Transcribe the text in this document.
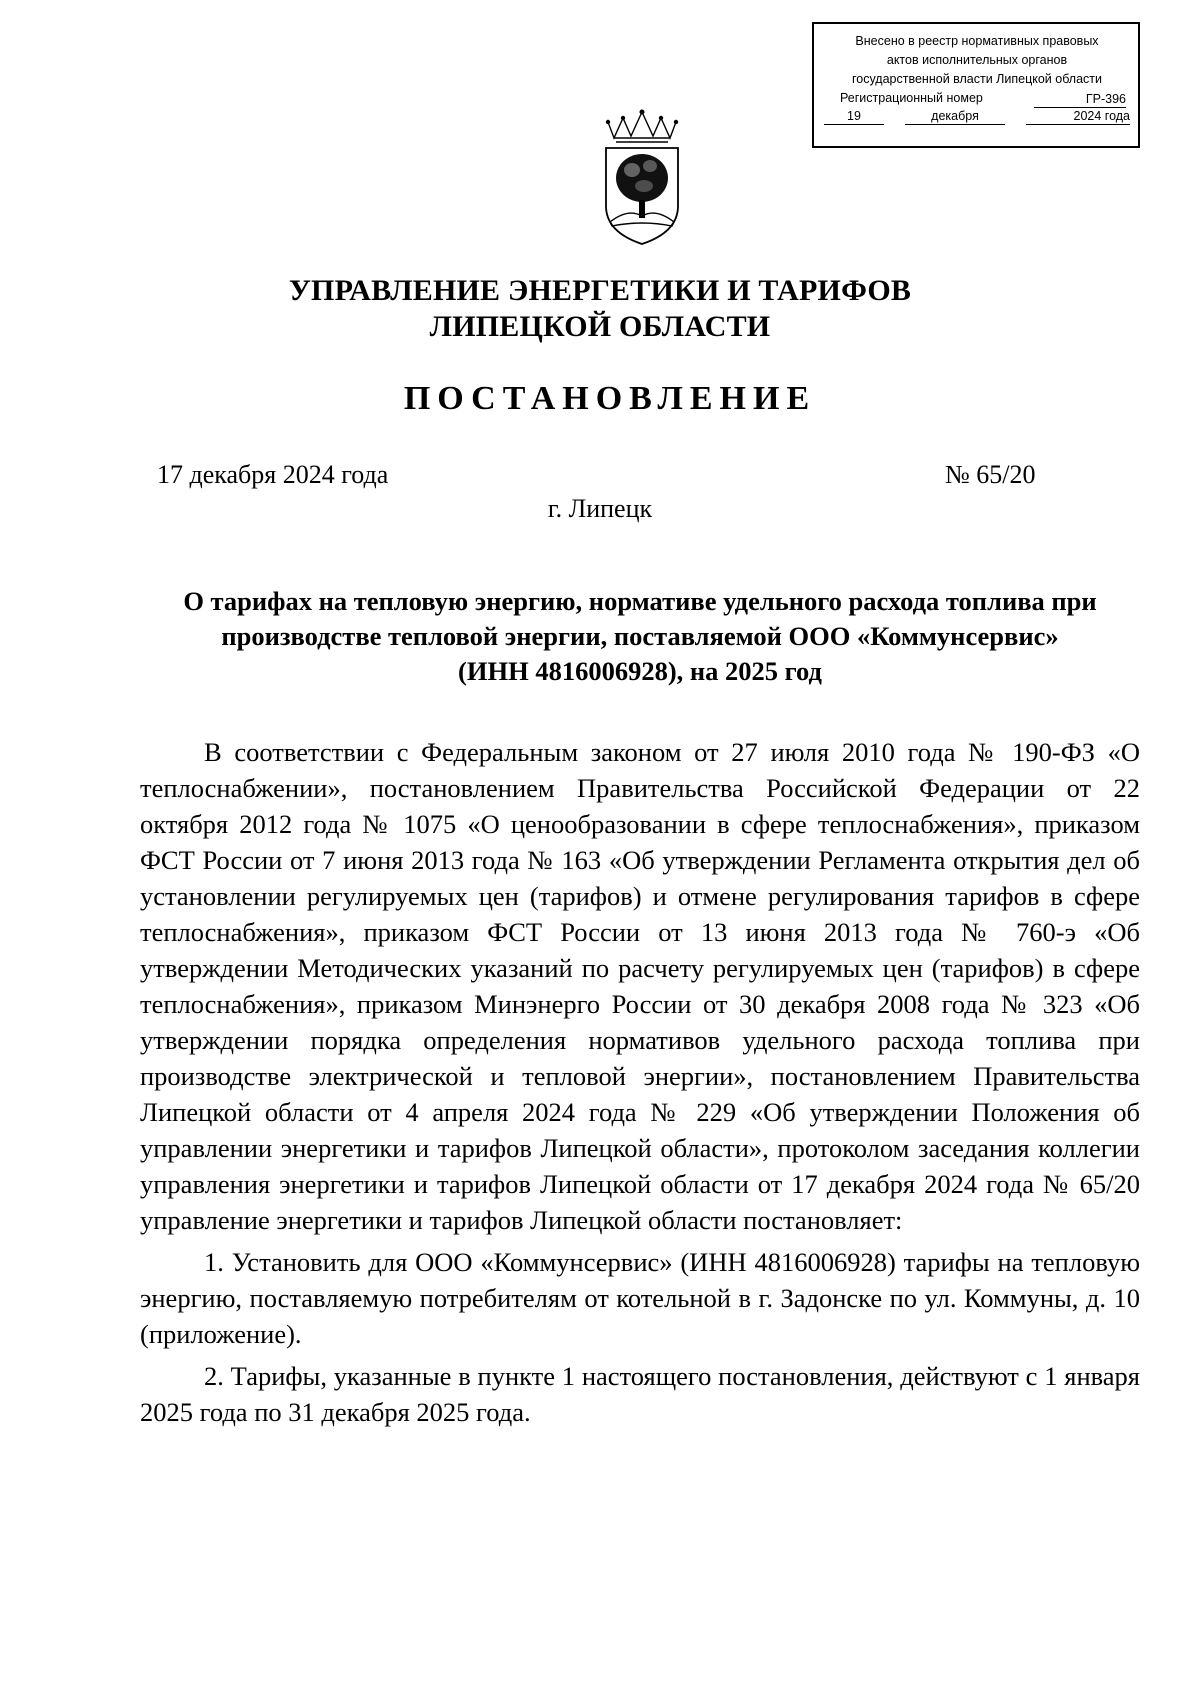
Внесено в реестр нормативных правовых
актов исполнительных органов
государственной власти Липецкой области
Регистрационный номер	ГР-396
19	декабря	2024 года
УПРАВЛЕНИЕ ЭНЕРГЕТИКИ И ТАРИФОВ
ЛИПЕЦКОЙ ОБЛАСТИ
ПОСТАНОВЛЕНИЕ
17 декабря 2024 года	№ 65/20
г. Липецк
О тарифах на тепловую энергию, нормативе удельного расхода топлива при
производстве тепловой энергии, поставляемой ООО «Коммунсервис»
(ИНН 4816006928), на 2025 год

В соответствии с Федеральным законом от 27 июля 2010 года № 190-ФЗ «О теплоснабжении», постановлением Правительства Российской Федерации от 22 октября 2012 года № 1075 «О ценообразовании в сфере теплоснабжения», приказом ФСТ России от 7 июня 2013 года № 163 «Об утверждении Регламента открытия дел об установлении регулируемых цен (тарифов) и отмене регулирования тарифов в сфере теплоснабжения», приказом ФСТ России от 13 июня 2013 года № 760-э «Об утверждении Методических указаний по расчету регулируемых цен (тарифов) в сфере теплоснабжения», приказом Минэнерго России от 30 декабря 2008 года № 323 «Об утверждении порядка определения нормативов удельного расхода топлива при производстве электрической и тепловой энергии», постановлением Правительства Липецкой области от 4 апреля 2024 года № 229 «Об утверждении Положения об управлении энергетики и тарифов Липецкой области», протоколом заседания коллегии управления энергетики и тарифов Липецкой области от 17 декабря 2024 года № 65/20 управление энергетики и тарифов Липецкой области постановляет:

1. Установить для ООО «Коммунсервис» (ИНН 4816006928) тарифы на тепловую энергию, поставляемую потребителям от котельной в г. Задонске по ул. Коммуны, д. 10 (приложение).

2. Тарифы, указанные в пункте 1 настоящего постановления, действуют с 1 января 2025 года по 31 декабря 2025 года.
